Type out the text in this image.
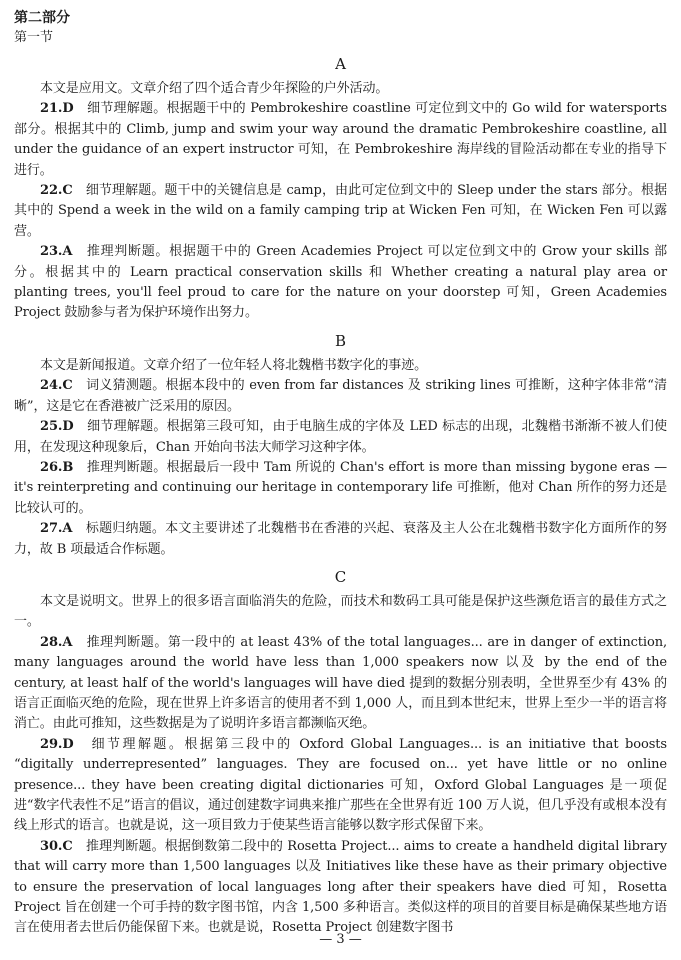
第二部分
第一节
A

本文是应用文。文章介绍了四个适合青少年探险的户外活动。

21.D　 细节理解题。根据题干中的 Pembrokeshire coastline 可定位到文中的 Go wild for watersports 部分。根据其中的 Climb, jump and swim your way around the dramatic Pembrokeshire coastline, all under the guidance of an expert instructor 可知，在 Pembrokeshire 海岸线的冒险活动都在专业的指导下进行。

22.C　 细节理解题。题干中的关键信息是 camp，由此可定位到文中的 Sleep under the stars 部分。根据其中的 Spend a week in the wild on a family camping trip at Wicken Fen 可知，在 Wicken Fen 可以露营。

23.A　 推理判断题。根据题干中的 Green Academies Project 可以定位到文中的 Grow your skills 部分。根据其中的 Learn practical conservation skills 和 Whether creating a natural play area or planting trees, you'll feel proud to care for the nature on your doorstep 可知，Green Academies Project 鼓励参与者为保护环境作出努力。

B

本文是新闻报道。文章介绍了一位年轻人将北魏楷书数字化的事迹。

24.C　 词义猜测题。根据本段中的 even from far distances 及 striking lines 可推断，这种字体非常“清晰”，这是它在香港被广泛采用的原因。

25.D　 细节理解题。根据第三段可知，由于电脑生成的字体及 LED 标志的出现，北魏楷书渐渐不被人们使用，在发现这种现象后，Chan 开始向书法大师学习这种字体。

26.B　 推理判断题。根据最后一段中 Tam 所说的 Chan's effort is more than missing bygone eras — it's reinterpreting and continuing our heritage in contemporary life 可推断，他对 Chan 所作的努力还是比较认可的。

27.A　 标题归纳题。本文主要讲述了北魏楷书在香港的兴起、衰落及主人公在北魏楷书数字化方面所作的努力，故 B 项最适合作标题。

C

本文是说明文。世界上的很多语言面临消失的危险，而技术和数码工具可能是保护这些濒危语言的最佳方式之一。

28.A　 推理判断题。第一段中的 at least 43% of the total languages... are in danger of extinction, many languages around the world have less than 1,000 speakers now 以及 by the end of the century, at least half of the world's languages will have died 提到的数据分别表明，全世界至少有 43% 的语言正面临灭绝的危险，现在世界上许多语言的使用者不到 1,000 人，而且到本世纪末，世界上至少一半的语言将消亡。由此可推知，这些数据是为了说明许多语言都濒临灭绝。

29.D　 细节理解题。根据第三段中的 Oxford Global Languages... is an initiative that boosts “digitally underrepresented” languages. They are focused on... yet have little or no online presence... they have been creating digital dictionaries 可知，Oxford Global Languages 是一项促进“数字代表性不足”语言的倡议，通过创建数字词典来推广那些在全世界有近 100 万人说，但几乎没有或根本没有线上形式的语言。也就是说，这一项目致力于使某些语言能够以数字形式保留下来。

30.C　 推理判断题。根据倒数第二段中的 Rosetta Project... aims to create a handheld digital library that will carry more than 1,500 languages 以及 Initiatives like these have as their primary objective to ensure the preservation of local languages long after their speakers have died 可知，Rosetta Project 旨在创建一个可手持的数字图书馆，内含 1,500 多种语言。类似这样的项目的首要目标是确保某些地方语言在使用者去世后仍能保留下来。也就是说，Rosetta Project 创建数字图书

— 3 —
